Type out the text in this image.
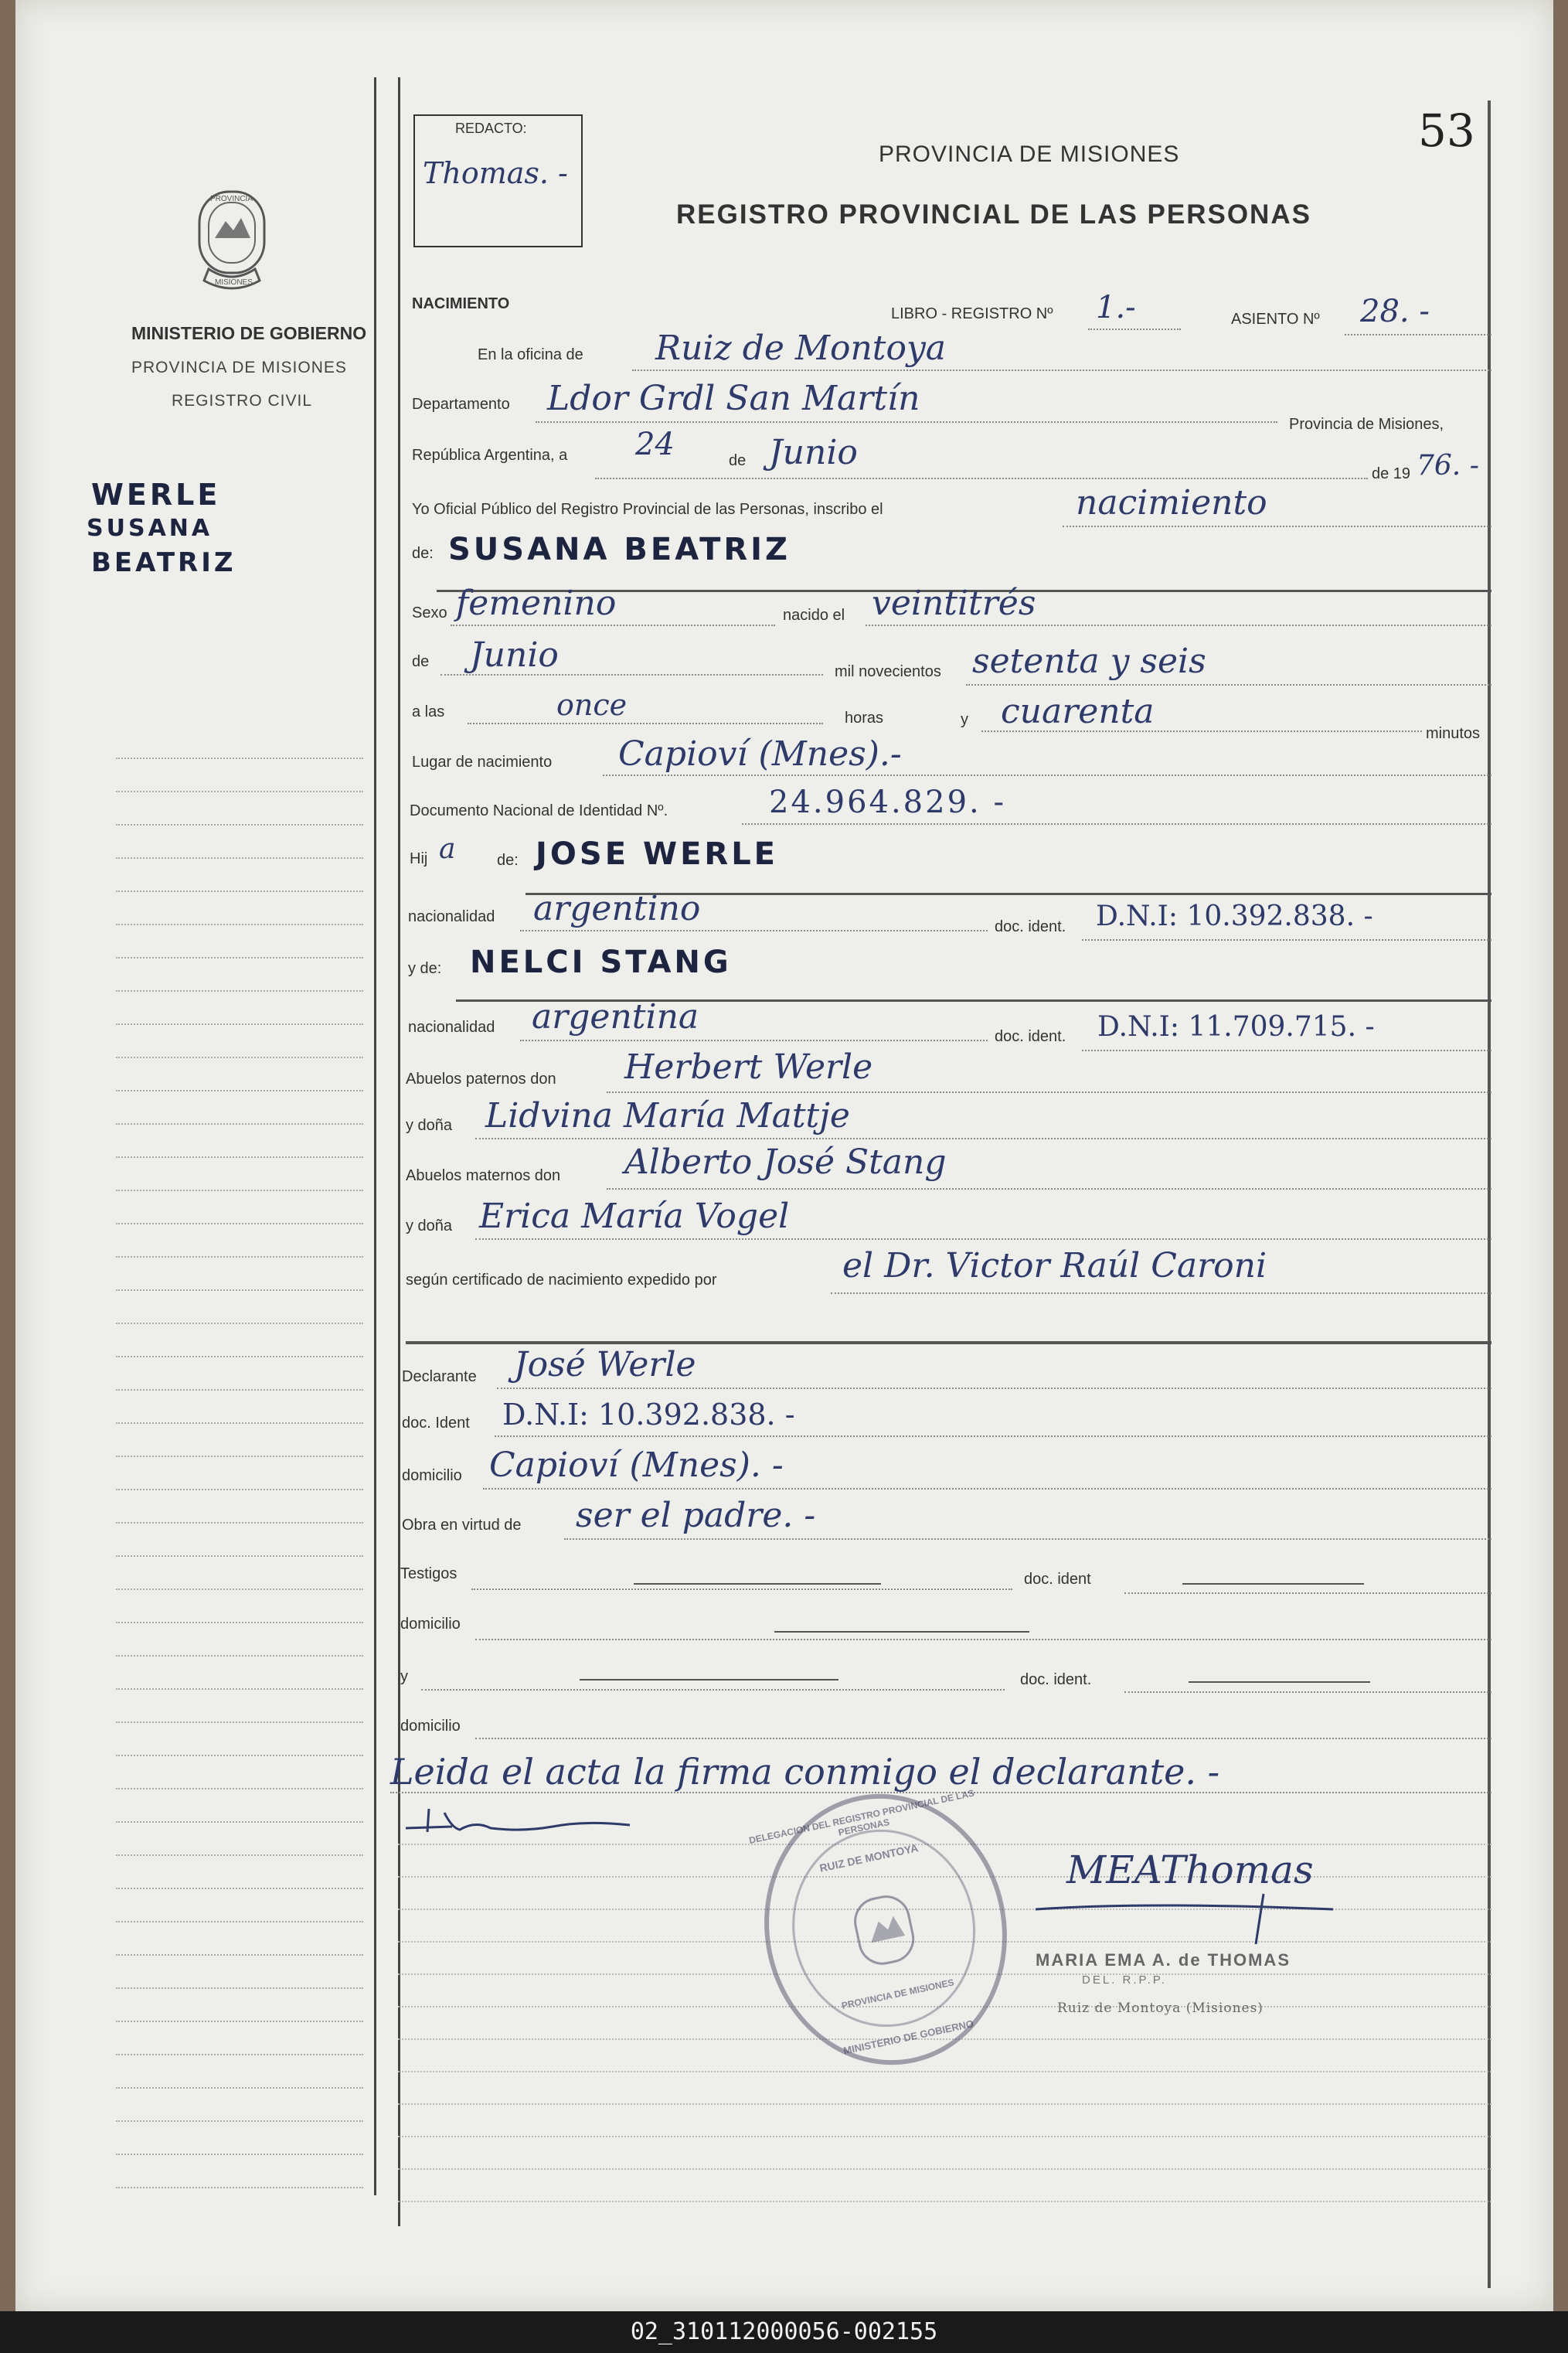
53
REDACTO:
Thomas. -
PROVINCIA DE MISIONES
REGISTRO PROVINCIAL DE LAS PERSONAS
PROVINCIA
MISIONES
MINISTERIO DE GOBIERNO
PROVINCIA DE MISIONES
REGISTRO CIVIL
WERLE
SUSANA
BEATRIZ
NACIMIENTO
LIBRO - REGISTRO Nº 1.-	ASIENTO Nº 28. -
En la oficina de Ruiz de Montoya
Departamento Ldor Grdl San Martín
Provincia de Misiones,
República Argentina, a 24	de Junio
de 19 76. -
Yo Oficial Público del Registro Provincial de las Personas, inscribo el	nacimiento
de: SUSANA BEATRIZ
Sexo femenino	nacido el veintitrés
de Junio	mil novecientos setenta y seis
a las	once	horas	y cuarenta
minutos
Lugar de nacimiento Capioví (Mnes).-
Documento Nacional de Identidad Nº.	24.964.829. -
Hij a	de: JOSE WERLE
nacionalidad argentino	doc. ident. D.N.I: 10.392.838. -
y de: NELCI STANG
nacionalidad argentina	doc. ident. D.N.I: 11.709.715. -
Abuelos paternos don Herbert Werle
y doña Lidvina María Mattje
Abuelos maternos don Alberto José Stang
y doña Erica María Vogel
según certificado de nacimiento expedido por	el Dr. Victor Raúl Caroni
Declarante José Werle
doc. Ident D.N.I: 10.392.838. -
domicilio Capioví (Mnes). -
Obra en virtud de ser el padre. -
Testigos	doc. ident
domicilio
y	doc. ident.
domicilio
Leida el acta la firma conmigo el declarante. -
MEAThomas
MARIA EMA A. de THOMAS
DEL. R.P.P.
Ruiz de Montoya (Misiones)
DELEGACION DEL REGISTRO PROVINCIAL DE LAS PERSONAS
RUIZ DE MONTOYA
PROVINCIA DE MISIONES
MINISTERIO DE GOBIERNO
02_310112000056-002155
